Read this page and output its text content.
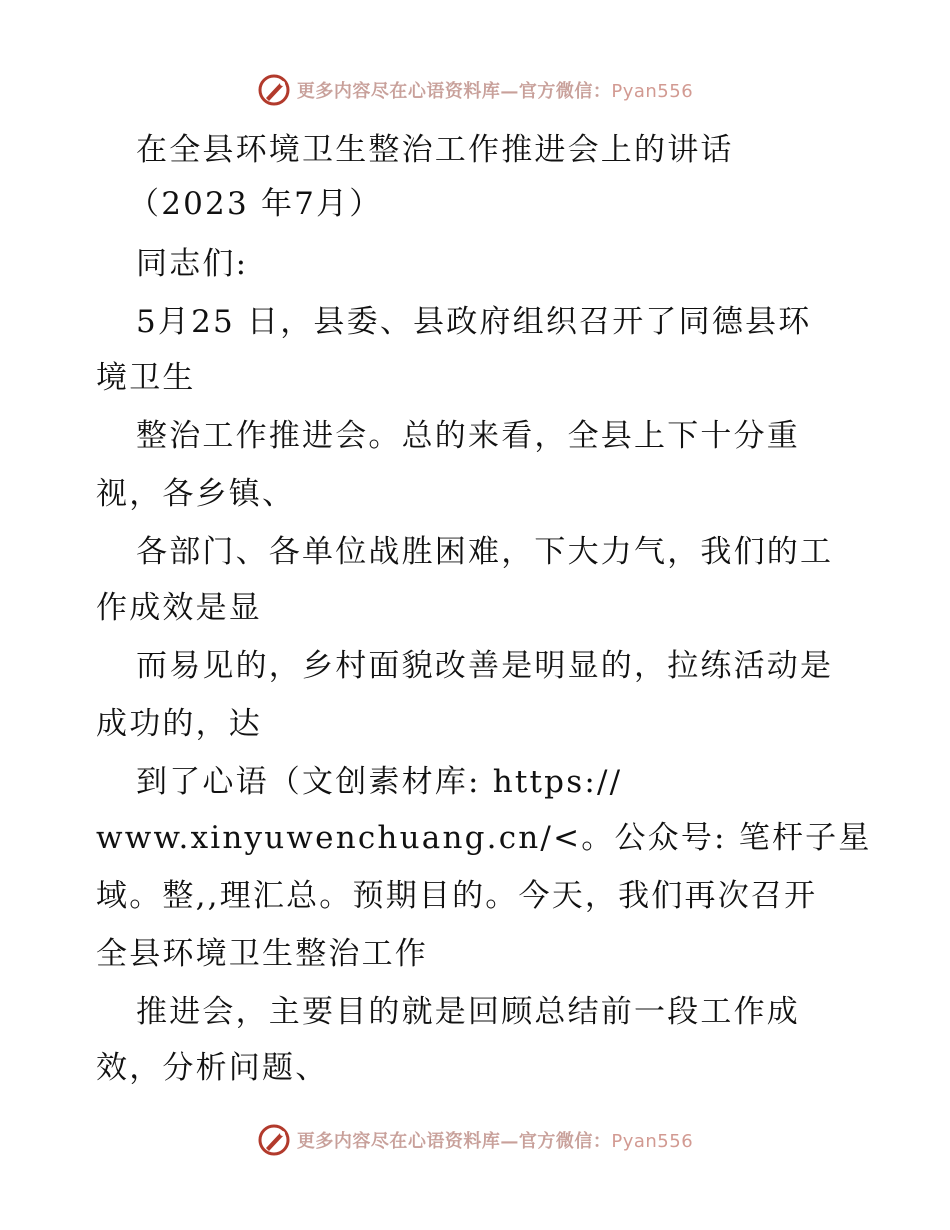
更多内容尽在心语资料库—官方微信：Pyan556
在全县环境卫生整治工作推进会上的讲话
（2023 年7月）
同志们:
5月25 日，县委、县政府组织召开了同德县环
境卫生
整治工作推进会。总的来看，全县上下十分重
视，各乡镇、
各部门、各单位战胜困难，下大力气，我们的工
作成效是显
而易见的，乡村面貌改善是明显的，拉练活动是
成功的，达
到了心语（文创素材库: https://
www.xinyuwenchuang.cn/<。公众号: 笔杆子星
域。整,,理汇总。预期目的。今天，我们再次召开
全县环境卫生整治工作
推进会，主要目的就是回顾总结前一段工作成
效，分析问题、
更多内容尽在心语资料库—官方微信：Pyan556
